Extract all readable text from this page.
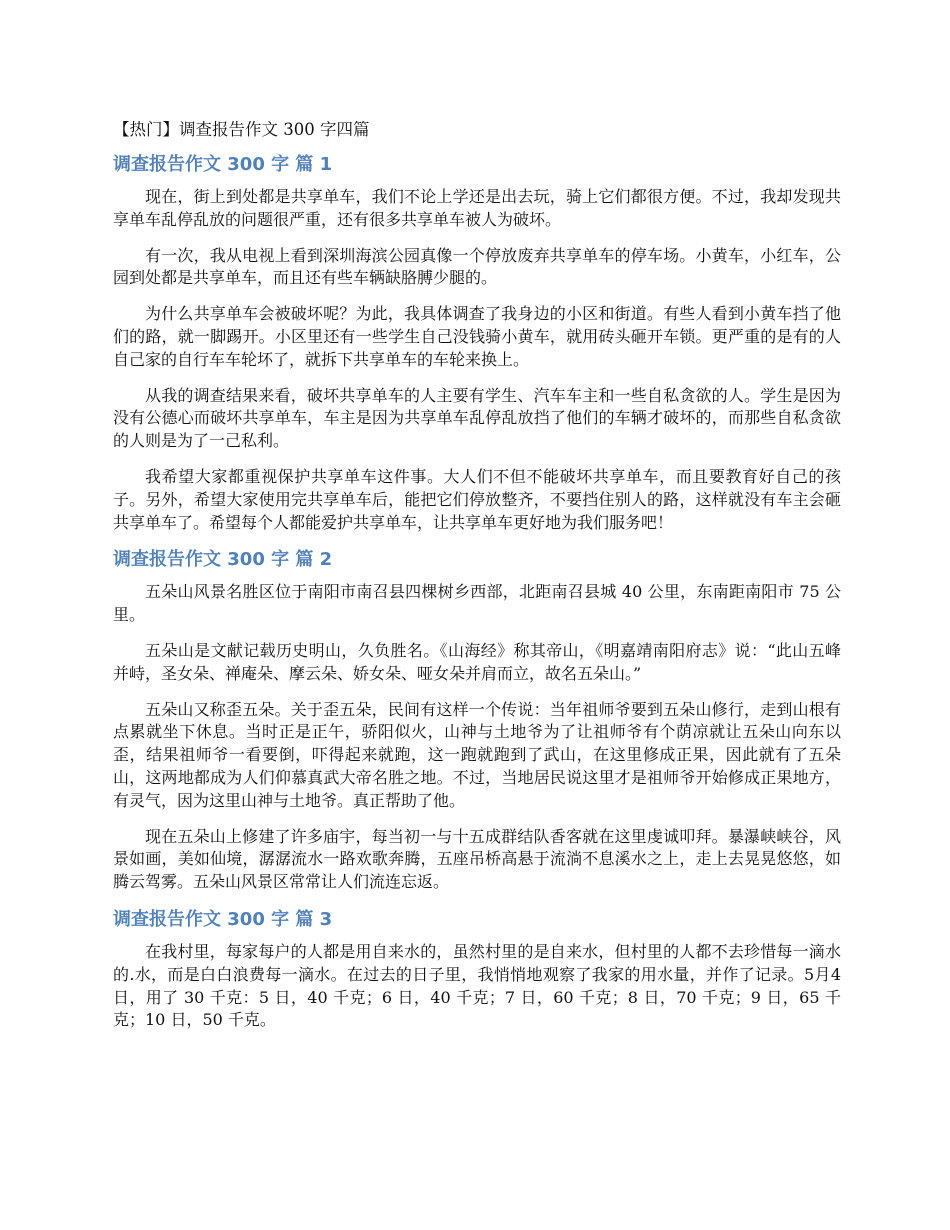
【热门】调查报告作文 300 字四篇
调查报告作文 300 字 篇 1

现在，街上到处都是共享单车，我们不论上学还是出去玩，骑上它们都很方便。不过，我却发现共享单车乱停乱放的问题很严重，还有很多共享单车被人为破坏。

有一次，我从电视上看到深圳海滨公园真像一个停放废弃共享单车的停车场。小黄车，小红车，公园到处都是共享单车，而且还有些车辆缺胳膊少腿的。

为什么共享单车会被破坏呢？为此，我具体调查了我身边的小区和街道。有些人看到小黄车挡了他们的路，就一脚踢开。小区里还有一些学生自己没钱骑小黄车，就用砖头砸开车锁。更严重的是有的人自己家的自行车车轮坏了，就拆下共享单车的车轮来换上。

从我的调查结果来看，破坏共享单车的人主要有学生、汽车车主和一些自私贪欲的人。学生是因为没有公德心而破坏共享单车，车主是因为共享单车乱停乱放挡了他们的车辆才破坏的，而那些自私贪欲的人则是为了一己私利。

我希望大家都重视保护共享单车这件事。大人们不但不能破坏共享单车，而且要教育好自己的孩子。另外，希望大家使用完共享单车后，能把它们停放整齐，不要挡住别人的路，这样就没有车主会砸共享单车了。希望每个人都能爱护共享单车，让共享单车更好地为我们服务吧！

调查报告作文 300 字 篇 2

五朵山风景名胜区位于南阳市南召县四棵树乡西部，北距南召县城 40 公里，东南距南阳市 75 公里。

五朵山是文献记载历史明山，久负胜名。《山海经》称其帝山，《明嘉靖南阳府志》说：“此山五峰并峙，圣女朵、禅庵朵、摩云朵、娇女朵、哑女朵并肩而立，故名五朵山。”

五朵山又称歪五朵。关于歪五朵，民间有这样一个传说：当年祖师爷要到五朵山修行，走到山根有点累就坐下休息。当时正是正午，骄阳似火，山神与土地爷为了让祖师爷有个荫凉就让五朵山向东以歪，结果祖师爷一看要倒，吓得起来就跑，这一跑就跑到了武山，在这里修成正果，因此就有了五朵山，这两地都成为人们仰慕真武大帝名胜之地。不过，当地居民说这里才是祖师爷开始修成正果地方，有灵气，因为这里山神与土地爷。真正帮助了他。

现在五朵山上修建了许多庙宇，每当初一与十五成群结队香客就在这里虔诚叩拜。暴瀑峡峡谷，风景如画，美如仙境，潺潺流水一路欢歌奔腾，五座吊桥高悬于流淌不息溪水之上，走上去晃晃悠悠，如腾云驾雾。五朵山风景区常常让人们流连忘返。

调查报告作文 300 字 篇 3

在我村里，每家每户的人都是用自来水的，虽然村里的是自来水，但村里的人都不去珍惜每一滴水的.水，而是白白浪费每一滴水。在过去的日子里，我悄悄地观察了我家的用水量，并作了记录。5月4日，用了 30 千克：5 日，40 千克；6 日，40 千克；7 日，60 千克；8 日，70 千克；9 日，65 千克；10 日，50 千克。
